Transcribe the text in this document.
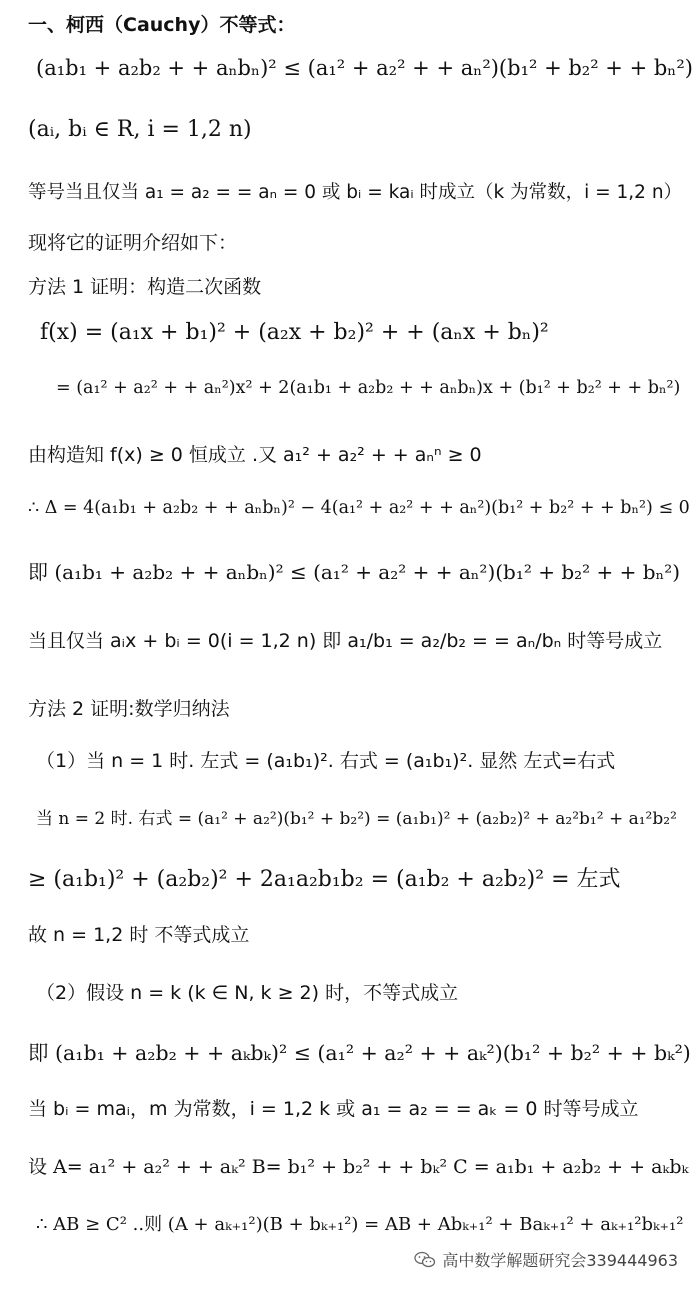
一、柯西（Cauchy）不等式：
(a₁b₁ + a₂b₂ + + aₙbₙ)² ≤ (a₁² + a₂² + + aₙ²)(b₁² + b₂² + + bₙ²)
(aᵢ, bᵢ ∈ R, i = 1,2 n)
等号当且仅当 a₁ = a₂ = = aₙ = 0 或 bᵢ = kaᵢ 时成立（k 为常数，i = 1,2 n）
现将它的证明介绍如下：
方法 1 证明：构造二次函数
f(x) = (a₁x + b₁)² + (a₂x + b₂)² + + (aₙx + bₙ)²
= (a₁² + a₂² + + aₙ²)x² + 2(a₁b₁ + a₂b₂ + + aₙbₙ)x + (b₁² + b₂² + + bₙ²)
由构造知 f(x) ≥ 0 恒成立 .又 a₁² + a₂² + + aₙⁿ ≥ 0
∴ Δ = 4(a₁b₁ + a₂b₂ + + aₙbₙ)² − 4(a₁² + a₂² + + aₙ²)(b₁² + b₂² + + bₙ²) ≤ 0
即 (a₁b₁ + a₂b₂ + + aₙbₙ)² ≤ (a₁² + a₂² + + aₙ²)(b₁² + b₂² + + bₙ²)
当且仅当 aᵢx + bᵢ = 0(i = 1,2 n) 即 a₁/b₁ = a₂/b₂ = = aₙ/bₙ 时等号成立
方法 2 证明:数学归纳法
（1）当 n = 1 时. 左式 = (a₁b₁)². 右式 = (a₁b₁)². 显然 左式=右式
当 n = 2 时. 右式 = (a₁² + a₂²)(b₁² + b₂²) = (a₁b₁)² + (a₂b₂)² + a₂²b₁² + a₁²b₂²
≥ (a₁b₁)² + (a₂b₂)² + 2a₁a₂b₁b₂ = (a₁b₂ + a₂b₂)² = 左式
故 n = 1,2 时 不等式成立
（2）假设 n = k (k ∈ N, k ≥ 2) 时，不等式成立
即 (a₁b₁ + a₂b₂ + + aₖbₖ)² ≤ (a₁² + a₂² + + aₖ²)(b₁² + b₂² + + bₖ²)
当 bᵢ = maᵢ，m 为常数，i = 1,2 k 或 a₁ = a₂ = = aₖ = 0 时等号成立
设 A= a₁² + a₂² + + aₖ² B= b₁² + b₂² + + bₖ² C = a₁b₁ + a₂b₂ + + aₖbₖ
∴ AB ≥ C² ..则 (A + aₖ₊₁²)(B + bₖ₊₁²) = AB + Abₖ₊₁² + Baₖ₊₁² + aₖ₊₁²bₖ₊₁²
高中数学解题研究会339444963
